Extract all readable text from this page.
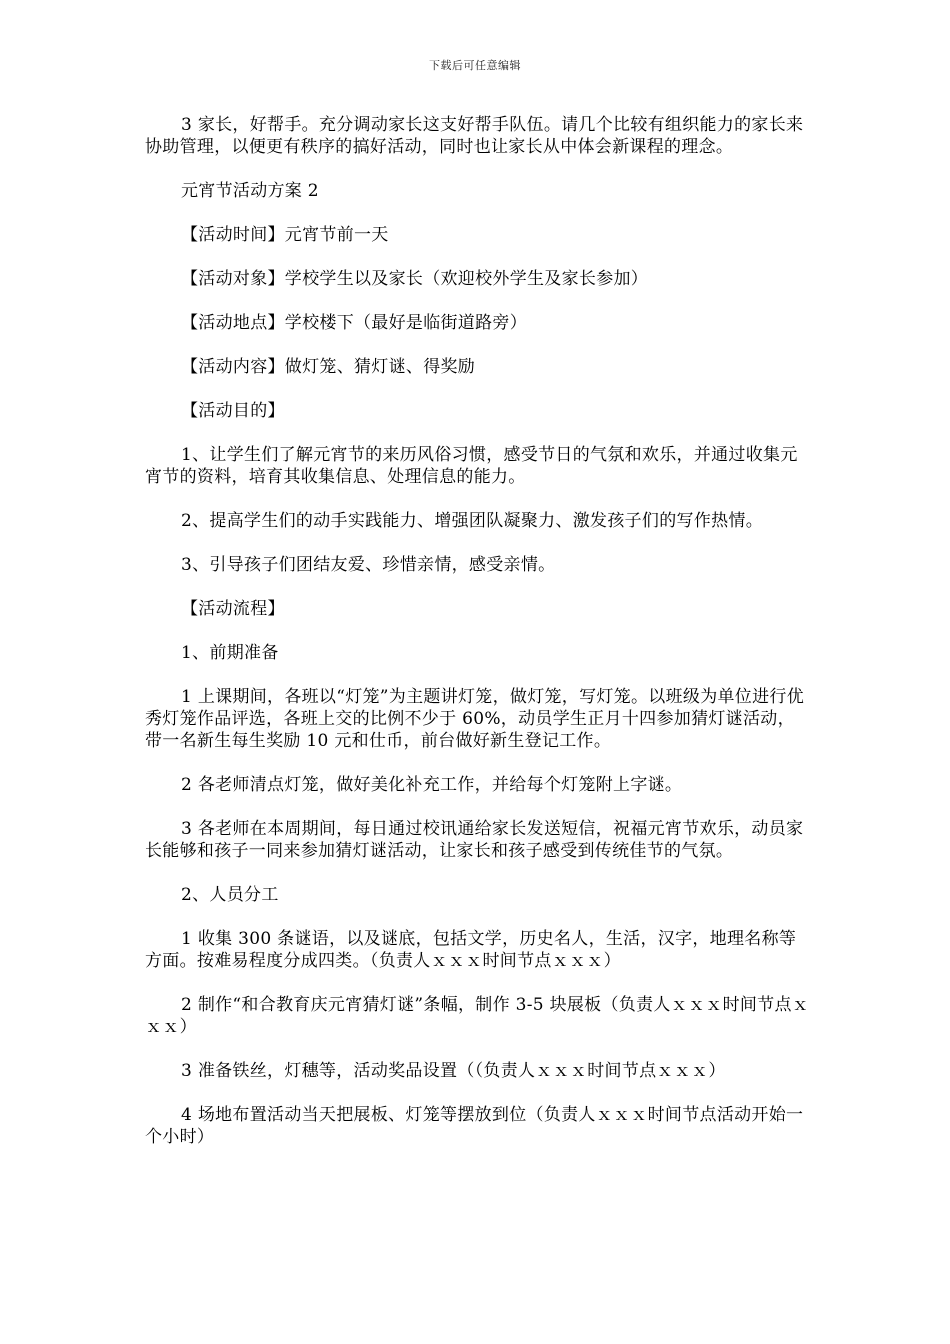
下载后可任意编辑

3 家长，好帮手。充分调动家长这支好帮手队伍。请几个比较有组织能力的家长来协助管理，以便更有秩序的搞好活动，同时也让家长从中体会新课程的理念。

元宵节活动方案 2

【活动时间】元宵节前一天

【活动对象】学校学生以及家长（欢迎校外学生及家长参加）

【活动地点】学校楼下（最好是临街道路旁）

【活动内容】做灯笼、猜灯谜、得奖励

【活动目的】

1、让学生们了解元宵节的来历风俗习惯，感受节日的气氛和欢乐，并通过收集元宵节的资料，培育其收集信息、处理信息的能力。

2、提高学生们的动手实践能力、增强团队凝聚力、激发孩子们的写作热情。

3、引导孩子们团结友爱、珍惜亲情，感受亲情。

【活动流程】

1、前期准备

1 上课期间，各班以“灯笼”为主题讲灯笼，做灯笼，写灯笼。以班级为单位进行优秀灯笼作品评选，各班上交的比例不少于 60%，动员学生正月十四参加猜灯谜活动，带一名新生每生奖励 10 元和仕币，前台做好新生登记工作。

2 各老师清点灯笼，做好美化补充工作，并给每个灯笼附上字谜。

3 各老师在本周期间，每日通过校讯通给家长发送短信，祝福元宵节欢乐，动员家长能够和孩子一同来参加猜灯谜活动，让家长和孩子感受到传统佳节的气氛。

2、人员分工

1 收集 300 条谜语，以及谜底，包括文学，历史名人，生活，汉字，地理名称等方面。按难易程度分成四类。（负责人ｘｘｘ时间节点ｘｘｘ）

2 制作“和合教育庆元宵猜灯谜”条幅，制作 3-5 块展板（负责人ｘｘｘ时间节点ｘｘｘ）

3 准备铁丝，灯穗等，活动奖品设置（（负责人ｘｘｘ时间节点ｘｘｘ）

4 场地布置活动当天把展板、灯笼等摆放到位（负责人ｘｘｘ时间节点活动开始一个小时）
